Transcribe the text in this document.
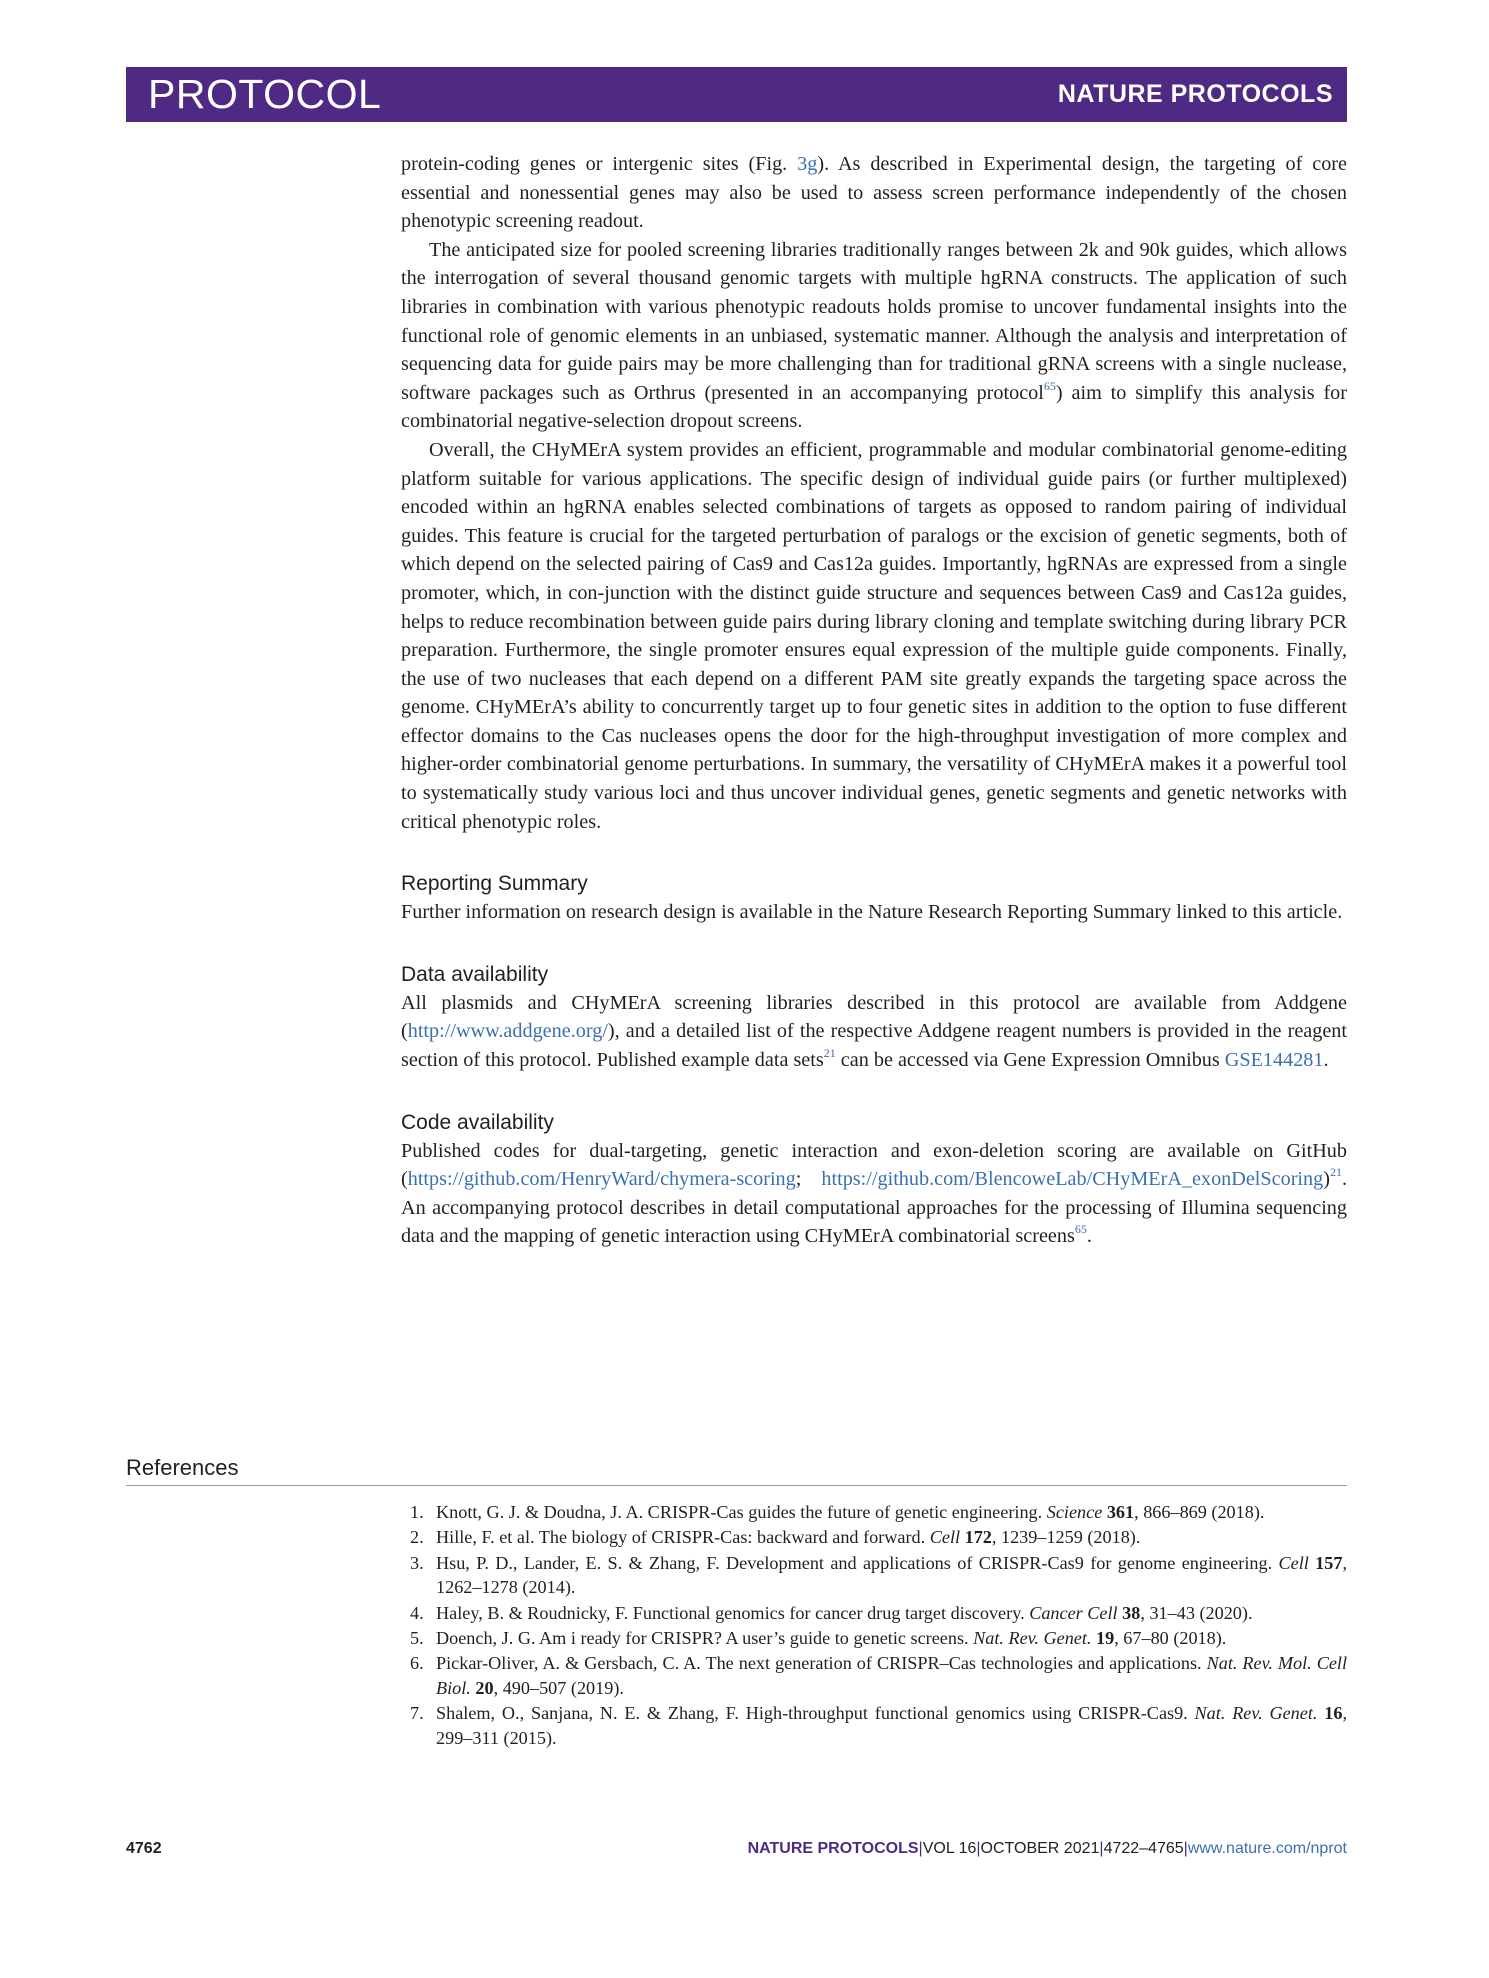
PROTOCOL	NATURE PROTOCOLS

protein-coding genes or intergenic sites (Fig. 3g). As described in Experimental design, the targeting of core essential and nonessential genes may also be used to assess screen performance independently of the chosen phenotypic screening readout.

The anticipated size for pooled screening libraries traditionally ranges between 2k and 90k guides, which allows the interrogation of several thousand genomic targets with multiple hgRNA constructs. The application of such libraries in combination with various phenotypic readouts holds promise to uncover fundamental insights into the functional role of genomic elements in an unbiased, systematic manner. Although the analysis and interpretation of sequencing data for guide pairs may be more challenging than for traditional gRNA screens with a single nuclease, software packages such as Orthrus (presented in an accompanying protocol$^{65}$) aim to simplify this analysis for combinatorial negative-selection dropout screens.

Overall, the CHyMErA system provides an efficient, programmable and modular combinatorial genome-editing platform suitable for various applications. The specific design of individual guide pairs (or further multiplexed) encoded within an hgRNA enables selected combinations of targets as opposed to random pairing of individual guides. This feature is crucial for the targeted perturbation of paralogs or the excision of genetic segments, both of which depend on the selected pairing of Cas9 and Cas12a guides. Importantly, hgRNAs are expressed from a single promoter, which, in con-junction with the distinct guide structure and sequences between Cas9 and Cas12a guides, helps to reduce recombination between guide pairs during library cloning and template switching during library PCR preparation. Furthermore, the single promoter ensures equal expression of the multiple guide components. Finally, the use of two nucleases that each depend on a different PAM site greatly expands the targeting space across the genome. CHyMErA’s ability to concurrently target up to four genetic sites in addition to the option to fuse different effector domains to the Cas nucleases opens the door for the high-throughput investigation of more complex and higher-order combinatorial genome perturbations. In summary, the versatility of CHyMErA makes it a powerful tool to systematically study various loci and thus uncover individual genes, genetic segments and genetic networks with critical phenotypic roles.

Reporting Summary

Further information on research design is available in the Nature Research Reporting Summary linked to this article.

Data availability

All plasmids and CHyMErA screening libraries described in this protocol are available from Addgene (http://www.addgene.org/), and a detailed list of the respective Addgene reagent numbers is provided in the reagent section of this protocol. Published example data sets$^{21}$ can be accessed via Gene Expression Omnibus GSE144281.

Code availability

Published codes for dual-targeting, genetic interaction and exon-deletion scoring are available on GitHub (https://github.com/HenryWard/chymera-scoring; https://github.com/BlencoweLab/CHyMErA_exonDelScoring)$^{21}$. An accompanying protocol describes in detail computational approaches for the processing of Illumina sequencing data and the mapping of genetic interaction using CHyMErA combinatorial screens$^{65}$.

References
1. Knott, G. J. & Doudna, J. A. CRISPR-Cas guides the future of genetic engineering. Science 361, 866–869 (2018).
2. Hille, F. et al. The biology of CRISPR-Cas: backward and forward. Cell 172, 1239–1259 (2018).
3. Hsu, P. D., Lander, E. S. & Zhang, F. Development and applications of CRISPR-Cas9 for genome engineering. Cell 157, 1262–1278 (2014).
4. Haley, B. & Roudnicky, F. Functional genomics for cancer drug target discovery. Cancer Cell 38, 31–43 (2020).
5. Doench, J. G. Am i ready for CRISPR? A user’s guide to genetic screens. Nat. Rev. Genet. 19, 67–80 (2018).
6. Pickar-Oliver, A. & Gersbach, C. A. The next generation of CRISPR–Cas technologies and applications. Nat. Rev. Mol. Cell Biol. 20, 490–507 (2019).
7. Shalem, O., Sanjana, N. E. & Zhang, F. High-throughput functional genomics using CRISPR-Cas9. Nat. Rev. Genet. 16, 299–311 (2015).
4762	NATURE PROTOCOLS|VOL 16|OCTOBER 2021|4722–4765|www.nature.com/nprot
